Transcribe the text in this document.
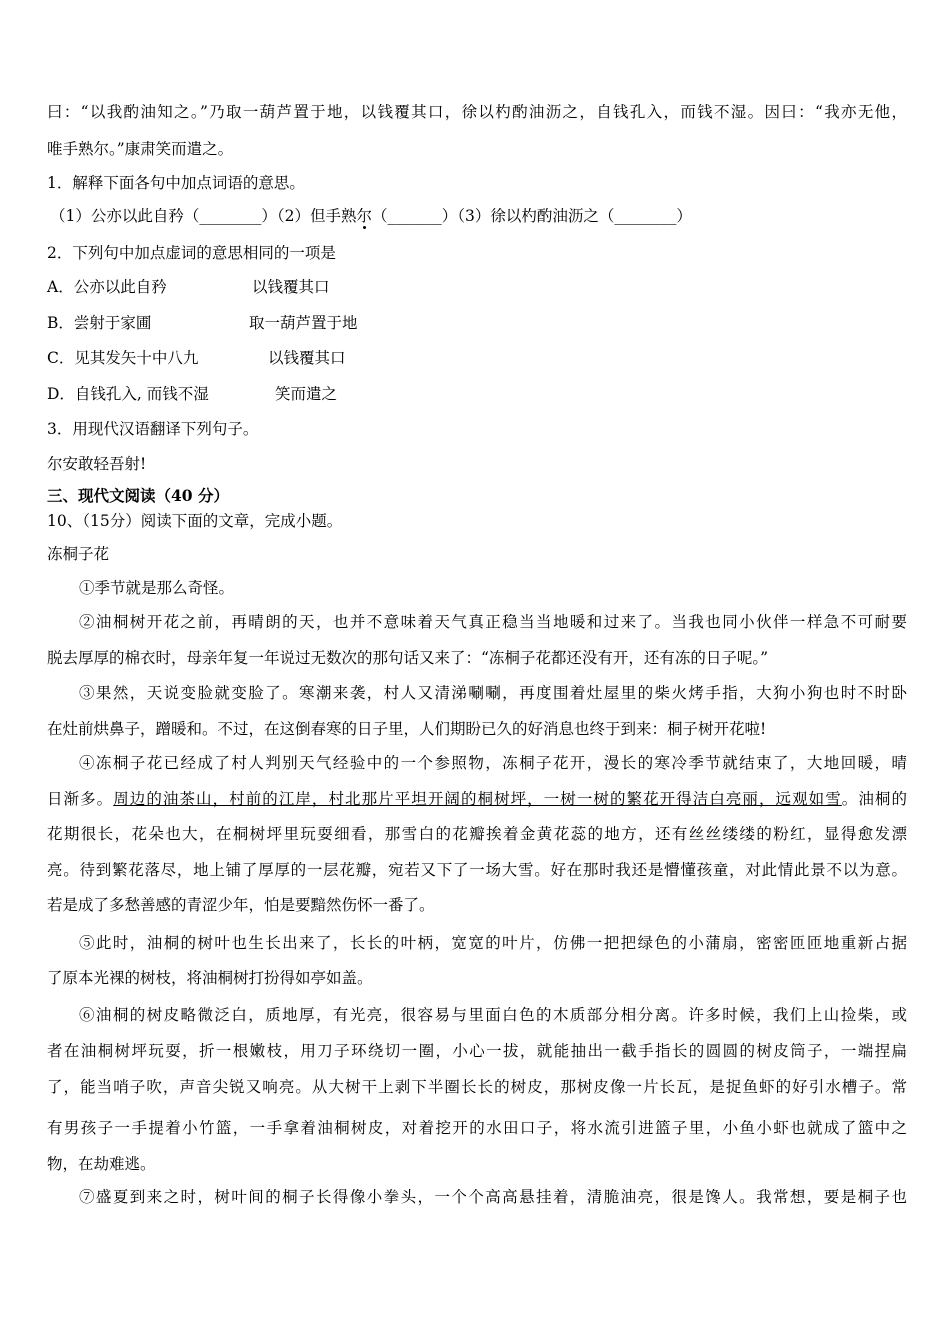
曰：“以我酌油知之。”乃取一葫芦置于地，以钱覆其口，徐以杓酌油沥之，自钱孔入，而钱不湿。因曰：“我亦无他，
唯手熟尔。”康肃笑而遣之。
1．解释下面各句中加点词语的意思。
（1）公亦以此自矜（________）（2）但手熟尔（_______）（3）徐以杓酌油沥之（________）
2．下列句中加点虚词的意思相同的一项是
A．公亦以此自矜	以钱覆其口
B．尝射于家圃	取一葫芦置于地
C．见其发矢十中八九	以钱覆其口
D．自钱孔入, 而钱不湿	笑而遣之
3．用现代汉语翻译下列句子。
尔安敢轻吾射!
三、现代文阅读（40 分）
10、（15分）阅读下面的文章，完成小题。
冻桐子花
①季节就是那么奇怪。
②油桐树开花之前，再晴朗的天，也并不意味着天气真正稳当当地暖和过来了。当我也同小伙伴一样急不可耐要
脱去厚厚的棉衣时，母亲年复一年说过无数次的那句话又来了：“冻桐子花都还没有开，还有冻的日子呢。”
③果然，天说变脸就变脸了。寒潮来袭，村人又清涕唰唰，再度围着灶屋里的柴火烤手指，大狗小狗也时不时卧
在灶前烘鼻子，蹭暖和。不过，在这倒春寒的日子里，人们期盼已久的好消息也终于到来：桐子树开花啦!
④冻桐子花已经成了村人判别天气经验中的一个参照物，冻桐子花开，漫长的寒冷季节就结束了，大地回暖，晴
日渐多。周边的油茶山，村前的江岸，村北那片平坦开阔的桐树坪，一树一树的繁花开得洁白亮丽，远观如雪。油桐的
花期很长，花朵也大，在桐树坪里玩耍细看，那雪白的花瓣挨着金黄花蕊的地方，还有丝丝缕缕的粉红，显得愈发漂
亮。待到繁花落尽，地上铺了厚厚的一层花瓣，宛若又下了一场大雪。好在那时我还是懵懂孩童，对此情此景不以为意。
若是成了多愁善感的青涩少年，怕是要黯然伤怀一番了。
⑤此时，油桐的树叶也生长出来了，长长的叶柄，宽宽的叶片，仿佛一把把绿色的小蒲扇，密密匝匝地重新占据
了原本光裸的树枝，将油桐树打扮得如亭如盖。
⑥油桐的树皮略微泛白，质地厚，有光亮，很容易与里面白色的木质部分相分离。许多时候，我们上山捡柴，或
者在油桐树坪玩耍，折一根嫩枝，用刀子环绕切一圈，小心一拔，就能抽出一截手指长的圆圆的树皮筒子，一端捏扁
了，能当哨子吹，声音尖锐又响亮。从大树干上剥下半圈长长的树皮，那树皮像一片长瓦，是捉鱼虾的好引水槽子。常
有男孩子一手提着小竹篮，一手拿着油桐树皮，对着挖开的水田口子，将水流引进篮子里，小鱼小虾也就成了篮中之
物，在劫难逃。
⑦盛夏到来之时，树叶间的桐子长得像小拳头，一个个高高悬挂着，清脆油亮，很是馋人。我常想，要是桐子也
